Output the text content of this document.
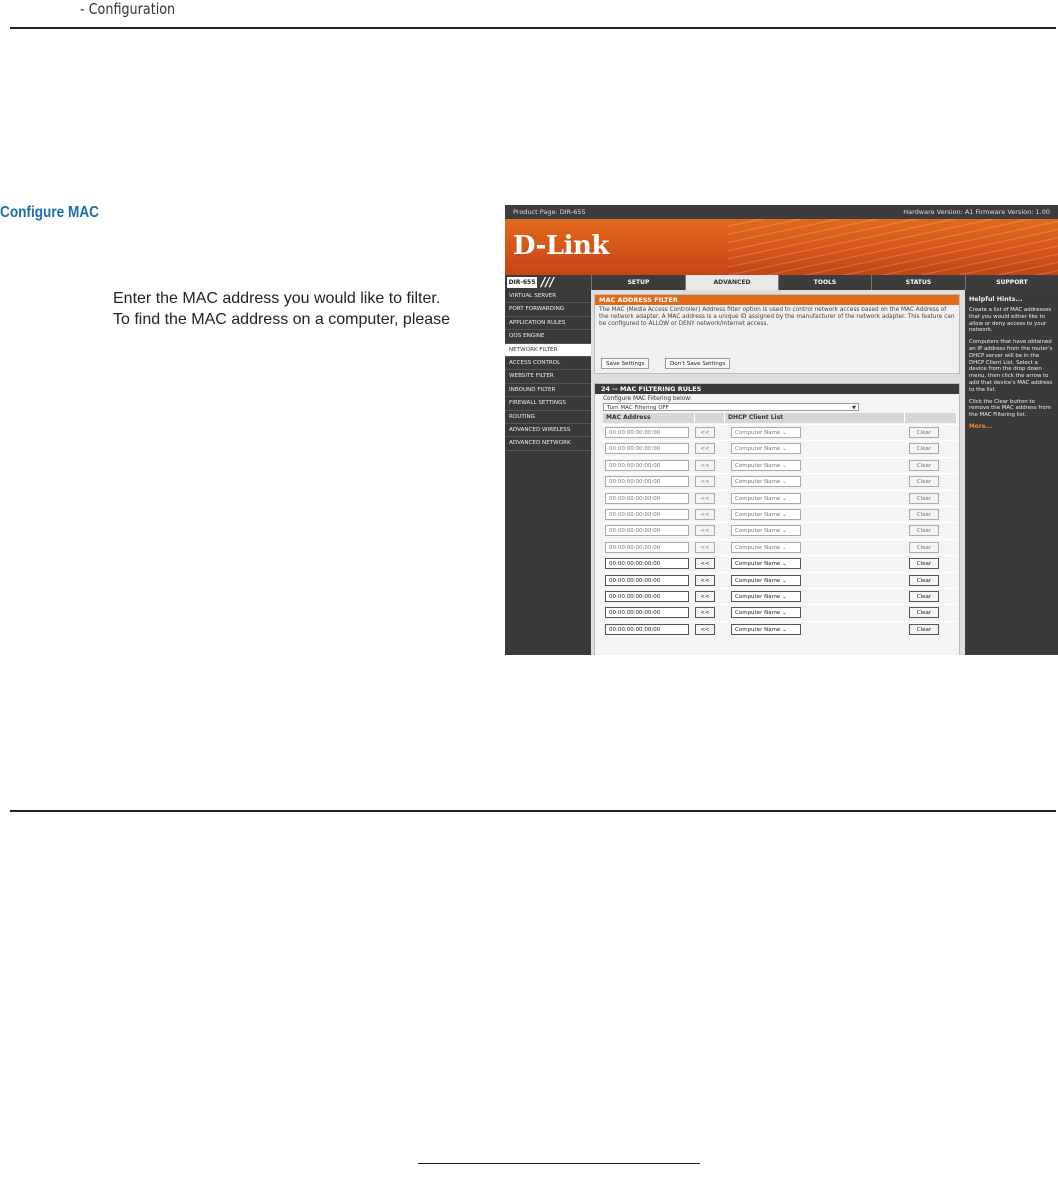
- Configuration
Configure MAC
Enter the MAC address you would like to filter.
To find the MAC address on a computer, please
Product Page: DIR-655	Hardware Version: A1 Firmware Version: 1.00
D-Link
DIR-655 ///	SETUP	ADVANCED	TOOLS	STATUS	SUPPORT
VIRTUAL SERVER
PORT FORWARDING
APPLICATION RULES
QOS ENGINE
NETWORK FILTER
ACCESS CONTROL
WEBSITE FILTER
INBOUND FILTER
FIREWALL SETTINGS
ROUTING
ADVANCED WIRELESS
ADVANCED NETWORK
MAC ADDRESS FILTER
The MAC (Media Access Controller) Address filter option is used to control network access based on the MAC Address of the network adapter. A MAC address is a unique ID assigned by the manufacturer of the network adapter. This feature can be configured to ALLOW or DENY network/Internet access.
Save Settings	Don't Save Settings
24 -- MAC FILTERING RULES
Configure MAC Filtering below:
Turn MAC Filtering OFF	▼
MAC Address	DHCP Client List
00:00:00:00:00:00	<<	Computer Name ⌄	Clear
00:00:00:00:00:00	<<	Computer Name ⌄	Clear
00:00:00:00:00:00	<<	Computer Name ⌄	Clear
00:00:00:00:00:00	<<	Computer Name ⌄	Clear
00:00:00:00:00:00	<<	Computer Name ⌄	Clear
00:00:00:00:00:00	<<	Computer Name ⌄	Clear
00:00:00:00:00:00	<<	Computer Name ⌄	Clear
00:00:00:00:00:00	<<	Computer Name ⌄	Clear
00:00:00:00:00:00	<<	Computer Name ⌄	Clear
00:00:00:00:00:00	<<	Computer Name ⌄	Clear
00:00:00:00:00:00	<<	Computer Name ⌄	Clear
00:00:00:00:00:00	<<	Computer Name ⌄	Clear
00:00:00:00:00:00	<<	Computer Name ⌄	Clear
Helpful Hints...

Create a list of MAC addresses that you would either like to allow or deny access to your network.

Computers that have obtained an IP address from the router's DHCP server will be in the DHCP Client List. Select a device from the drop down menu, then click the arrow to add that device's MAC address to the list.

Click the Clear button to remove the MAC address from the MAC Filtering list.

More...
